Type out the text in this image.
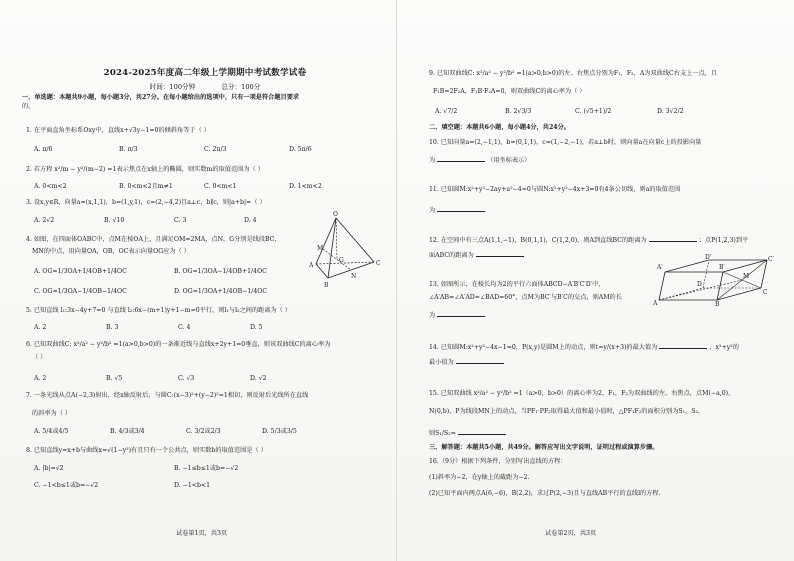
2024-2025年度高二年级上学期期中考试数学试卷
时间：100分钟	总分：100分
一、单选题：本题共9小题，每小题3分，共27分。在每小题给出的选项中，只有一项是符合题目要求
的。
1. 在平面直角坐标系Oxy中，直线x+√3y−1=0的倾斜角等于（ ）
A. π/6	B. π/3	C. 2π/3	D. 5π/6
2. 若方程 x²/m − y²/(m−2) =1表示焦点在x轴上的椭圆，则实数m的取值范围为（ ）
A. 0<m<2	B. 0<m<2且m≠1	C. 0<m<1	D. 1<m<2
3. 设x,y∈R，向量a=(x,1,1)，b=(1,y,1)，c=(2,−4,2)且a⊥c，b∥c，则|a+b|=（ ）
A. 2√2	B. √10	C. 3	D. 4
4. 如图，在四面体OABC中，点M在棱OA上，且满足OM=2MA，点N，G分别是线段BC，
MN的中点，用向量OA，OB，OC表示向量OG应为（ ）
A. OG=1/3OA+1/4OB+1/4OC	B. OG=1/3OA−1/4OB+1/4OC
C. OG=1/3OA−1/4OB−1/4OC	D. OG=1/3OA+1/4OB−1/4OC
O
A
B
C
M
N
G
5. 已知直线 l₁:3x−4y+7=0 与直线 l₂:6x−(m+1)y+1−m=0平行，则l₁与l₂之间的距离为（ ）
A. 2	B. 3	C. 4	D. 5
6. 已知双曲线C: x²/a² − y²/b² =1(a>0,b>0)的一条渐近线与直线x+2y+1=0垂直，则该双曲线C的离心率为
（ ）
A. 2	B. √5	C. √3	D. √2
7. 一条光线从点A(−2,3)射出，经x轴反射后，与圆C:(x−3)²+(y−2)²=1相切，则反射后光线所在直线
的斜率为（ ）
A. 5/4或4/5	B. 4/3或3/4	C. 3/2或2/3	D. 5/3或3/5
8. 已知直线y=x+b与曲线x=√(1−y²)有且只有一个公共点，则实数b的取值范围是（ ）
A. |b|=√2	B. −1≤b≤1或b=−√2
C. −1<b≤1或b=−√2	D. −1<b<1
试卷第1页，共3页
9. 已知双曲线C: x²/a² − y²/b² =1(a>0,b>0)的左、右焦点分别为F₁，F₂，A为双曲线C右支上一点，且
F₁B=2F₂A，F₁B·F₂A=0，则双曲线C的离心率为（ ）
A. √7/2	B. 2√3/3	C. (√5+1)/2	D. 3√2/2
二、填空题：本题共6小题，每小题4分，共24分。
10. 已知向量a=(2,−1,1)，b=(0,1,1)，c=(1,−2,−1)，若a⊥b时，则向量a在向量c上的投影向量
为	（用坐标表示）
11. 已知圆M:x²+y²−2ay+a²−4=0与圆N:x²+y²−4x+3=0有4条公切线，则a的取值范围
为
12. 在空间中有三点A(1,1,−1)，B(0,1,1)，C(1,2,0)，则A到直线BC的距离为	；点P(1,2,3)到平
面ABC的距离为
13. 如图所示，在棱长均为2的平行六面体ABCD−A′B′C′D′中，
∠A′AB=∠A′AD=∠BAD=60°，点M为BC′与B′C的交点，则AM的长
为
A′
D′
B′
C′
M
A
D
B
C
14. 已知圆M:x²+y²−4x−1=0，P(x,y)是圆M上的动点，则t=y/(x+3)的最大值为	，x²+y²的
最小值为
15. 已知双曲线 x²/a² − y²/b² =1（a>0，b>0）的离心率为2，F₁，F₂为双曲线的左、右焦点，点M(−a,0)，
N(0,b)，P为线段MN上的动点，当PF₁·PF₂取得最大值和最小值时，△PF₁F₂的面积分别为S₁，S₂，
则S₁/S₂=
三、解答题：本题共5小题，共49分。解答应写出文字说明，证明过程或演算步骤。
16.（9分）根据下列条件，分别写出直线的方程：
(1)斜率为−2，在y轴上的截距为−2.
(2)已知平面内两点A(6,−6)，B(2,2)，求过P(2,−3)且与直线AB平行的直线l的方程.
试卷第2页，共3页
